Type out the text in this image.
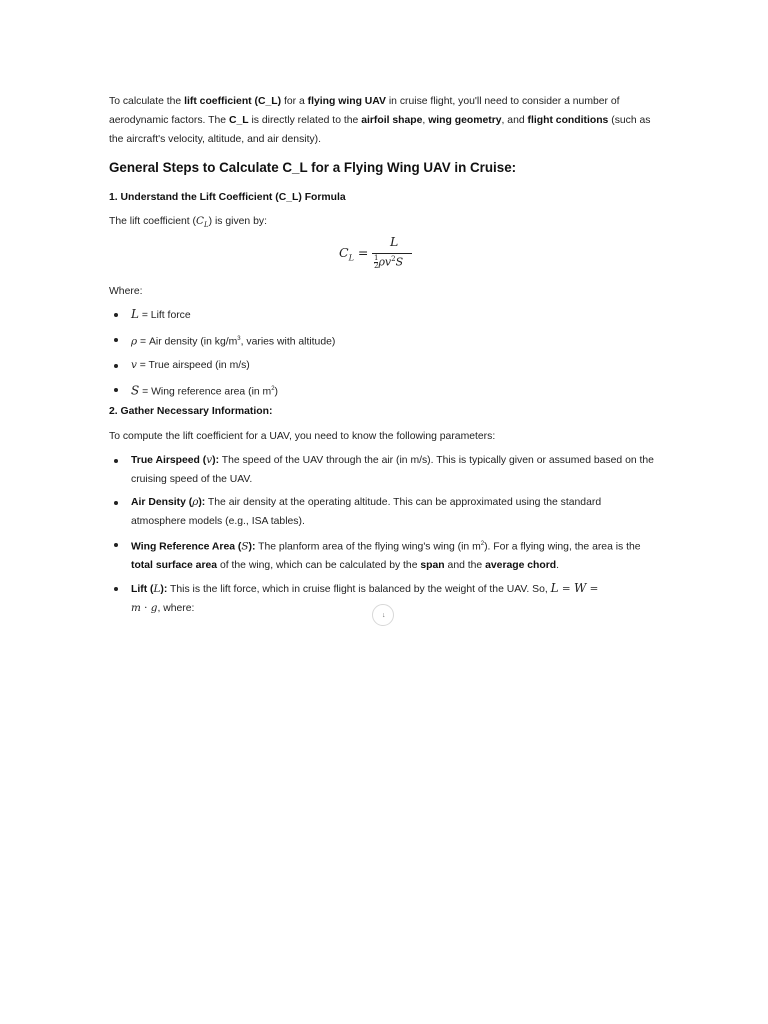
To calculate the lift coefficient (C_L) for a flying wing UAV in cruise flight, you'll need to consider a number of aerodynamic factors. The C_L is directly related to the airfoil shape, wing geometry, and flight conditions (such as the aircraft's velocity, altitude, and air density).

General Steps to Calculate C_L for a Flying Wing UAV in Cruise:
1. Understand the Lift Coefficient (C_L) Formula

The lift coefficient $(C_L)$ is given by:

$C_L$ =
L
$\frac{1}{2} \rho v^2S$

Where:

L = Lift force
ρ = Air density (in $kg/m^3$, varies with altitude)
v = True airspeed (in m/s)
S = Wing reference area (in $m^2$)
2. Gather Necessary Information:

To compute the lift coefficient for a UAV, you need to know the following parameters:

True Airspeed (v): The speed of the UAV through the air (in m/s). This is typically given or assumed based on the cruising speed of the UAV.
Air Density (ρ): The air density at the operating altitude. This can be approximated using the standard atmosphere models (e.g., ISA tables).
Wing Reference Area (S): The planform area of the flying wing's wing (in $m^2$). For a flying wing, the area is the total surface area of the wing, which can be calculated by the span and the average chord.
Lift (L): This is the lift force, which in cruise flight is balanced by the weight of the UAV. So, L = W =
m · g, where:
↓
